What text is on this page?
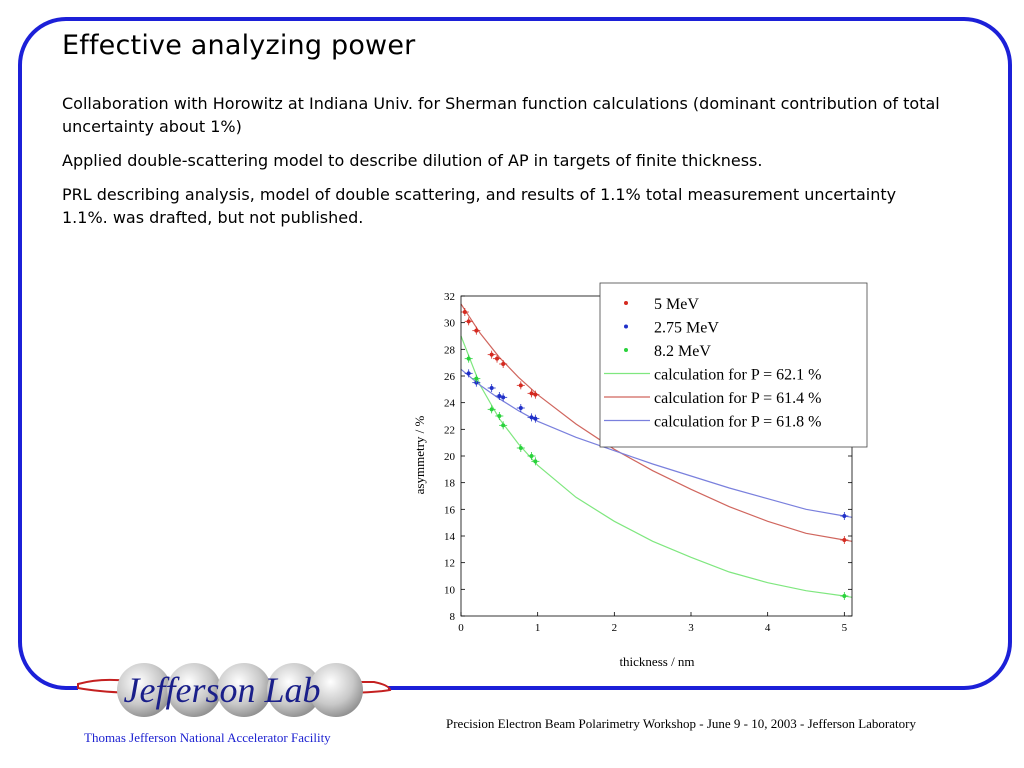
Effective analyzing power

Collaboration with Horowitz at Indiana Univ. for Sherman function calculations (dominant contribution of total uncertainty about 1%)

Applied double-scattering model to describe dilution of AP in targets of finite thickness.

PRL describing analysis, model of double scattering, and results of 1.1% total measurement uncertainty 1.1%. was drafted, but not published.

8
10
12
14
16
18
20
22
24
26
28
30
32
0	1	2	3	4	5
asymmetry / %
thickness / nm
5 MeV
2.75 MeV
8.2 MeV
calculation for P = 62.1 %
calculation for P = 61.4 %
calculation for P = 61.8 %
Jefferson Lab
Thomas Jefferson National Accelerator Facility
Precision Electron Beam Polarimetry Workshop - June 9 - 10, 2003 - Jefferson Laboratory
